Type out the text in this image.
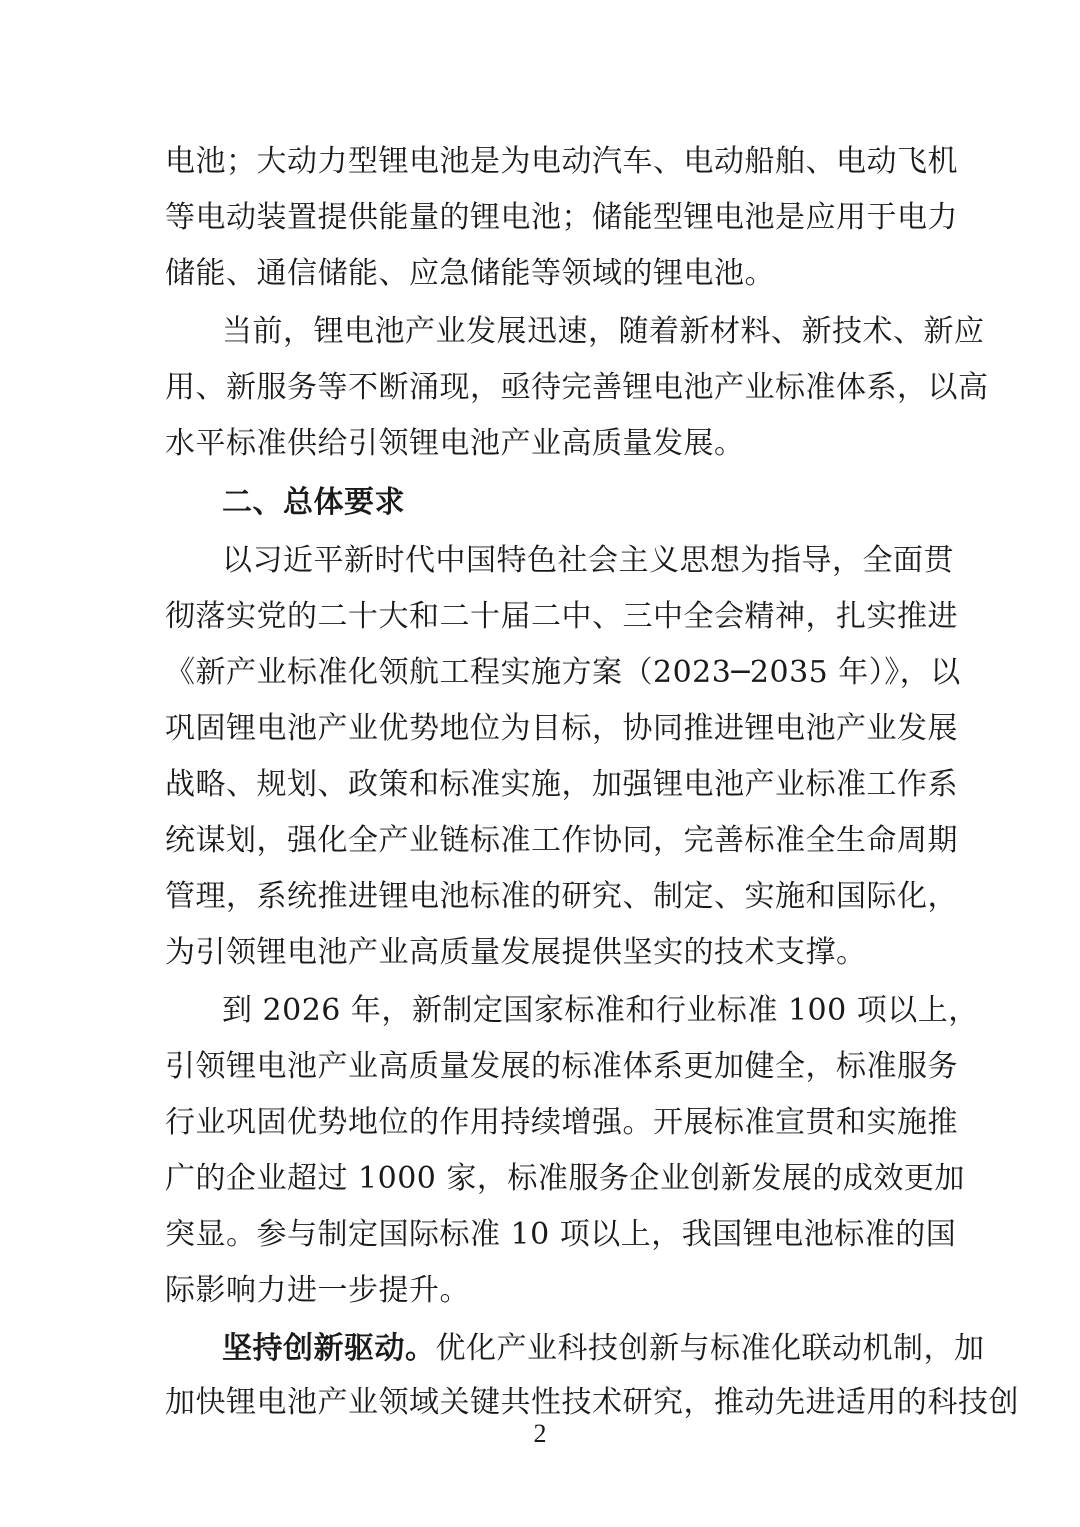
电池；大动力型锂电池是为电动汽车、电动船舶、电动飞机
等电动装置提供能量的锂电池；储能型锂电池是应用于电力
储能、通信储能、应急储能等领域的锂电池。
当前，锂电池产业发展迅速，随着新材料、新技术、新应
用、新服务等不断涌现，亟待完善锂电池产业标准体系，以高
水平标准供给引领锂电池产业高质量发展。
二、总体要求
以习近平新时代中国特色社会主义思想为指导，全面贯
彻落实党的二十大和二十届二中、三中全会精神，扎实推进
《新产业标准化领航工程实施方案（2023─2035 年）》，以
巩固锂电池产业优势地位为目标，协同推进锂电池产业发展
战略、规划、政策和标准实施，加强锂电池产业标准工作系
统谋划，强化全产业链标准工作协同，完善标准全生命周期
管理，系统推进锂电池标准的研究、制定、实施和国际化，
为引领锂电池产业高质量发展提供坚实的技术支撑。
到 2026 年，新制定国家标准和行业标准 100 项以上，
引领锂电池产业高质量发展的标准体系更加健全，标准服务
行业巩固优势地位的作用持续增强。开展标准宣贯和实施推
广的企业超过 1000 家，标准服务企业创新发展的成效更加
突显。参与制定国际标准 10 项以上，我国锂电池标准的国
际影响力进一步提升。
坚持创新驱动。优化产业科技创新与标准化联动机制，加
加快锂电池产业领域关键共性技术研究，推动先进适用的科技创
2
